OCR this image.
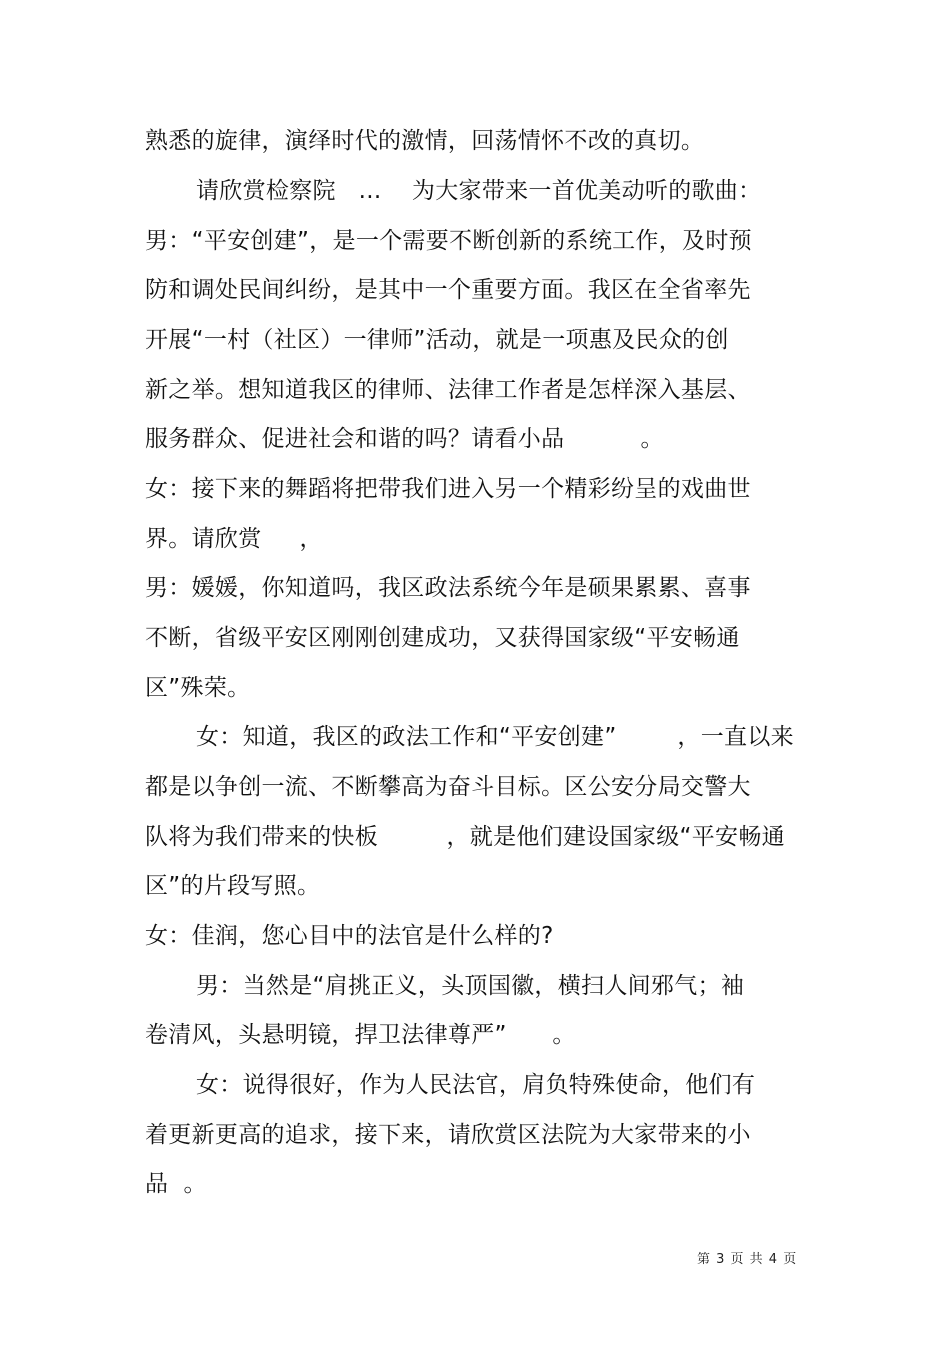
熟悉的旋律，演绎时代的激情，回荡情怀不改的真切。
请欣赏检察院   ...    为大家带来一首优美动听的歌曲：
男：“平安创建”，是一个需要不断创新的系统工作，及时预
防和调处民间纠纷，是其中一个重要方面。我区在全省率先
开展“一村（社区）一律师”活动，就是一项惠及民众的创
新之举。想知道我区的律师、法律工作者是怎样深入基层、
服务群众、促进社会和谐的吗？请看小品          。
女：接下来的舞蹈将把带我们进入另一个精彩纷呈的戏曲世
界。请欣赏     ，
男：媛媛，你知道吗，我区政法系统今年是硕果累累、喜事
不断，省级平安区刚刚创建成功，又获得国家级“平安畅通
区”殊荣。
女：知道，我区的政法工作和“平安创建”        ，一直以来
都是以争创一流、不断攀高为奋斗目标。区公安分局交警大
队将为我们带来的快板         ，就是他们建设国家级“平安畅通
区”的片段写照。
女：佳润，您心目中的法官是什么样的?
男：当然是“肩挑正义，头顶国徽，横扫人间邪气；袖
卷清风，头悬明镜，捍卫法律尊严”      。
女：说得很好，作为人民法官，肩负特殊使命，他们有
着更新更高的追求，接下来，请欣赏区法院为大家带来的小
品  。
第 3 页 共 4 页
